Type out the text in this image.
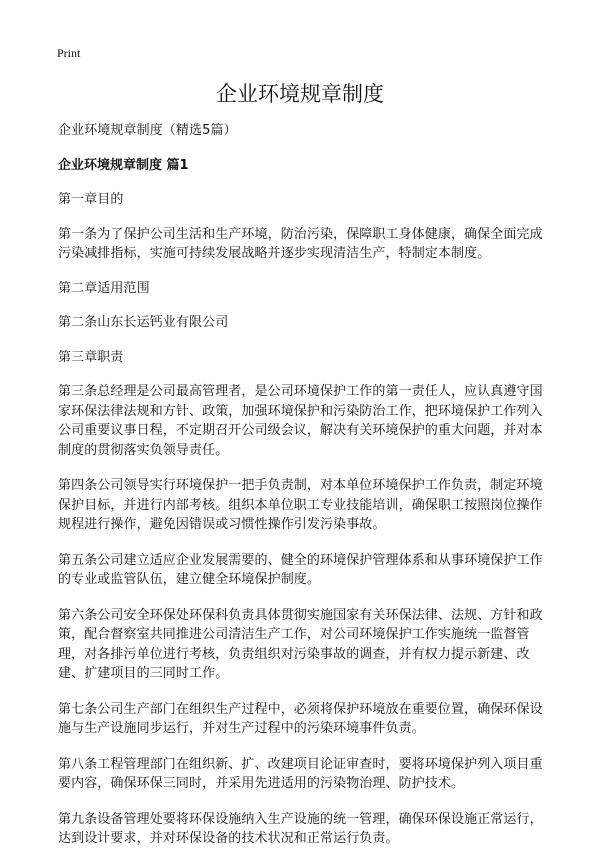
Print
企业环境规章制度

企业环境规章制度（精选5篇）

企业环境规章制度 篇1

第一章目的

第一条为了保护公司生活和生产环境，防治污染，保障职工身体健康，确保全面完成污染减排指标，实施可持续发展战略并逐步实现清洁生产，特制定本制度。

第二章适用范围

第二条山东长运钙业有限公司

第三章职责

第三条总经理是公司最高管理者，是公司环境保护工作的第一责任人，应认真遵守国家环保法律法规和方针、政策，加强环境保护和污染防治工作，把环境保护工作列入公司重要议事日程，不定期召开公司级会议，解决有关环境保护的重大问题，并对本制度的贯彻落实负领导责任。

第四条公司领导实行环境保护一把手负责制，对本单位环境保护工作负责，制定环境保护目标，并进行内部考核。组织本单位职工专业技能培训，确保职工按照岗位操作规程进行操作，避免因错误或习惯性操作引发污染事故。

第五条公司建立适应企业发展需要的、健全的环境保护管理体系和从事环境保护工作的专业或监管队伍，建立健全环境保护制度。

第六条公司安全环保处环保科负责具体贯彻实施国家有关环保法律、法规、方针和政策，配合督察室共同推进公司清洁生产工作，对公司环境保护工作实施统一监督管理，对各排污单位进行考核，负责组织对污染事故的调查，并有权力提示新建、改建、扩建项目的三同时工作。

第七条公司生产部门在组织生产过程中，必须将保护环境放在重要位置，确保环保设施与生产设施同步运行，并对生产过程中的污染环境事件负责。

第八条工程管理部门在组织新、扩、改建项目论证审查时，要将环境保护列入项目重要内容，确保环保三同时，并采用先进适用的污染物治理、防护技术。

第九条设备管理处要将环保设施纳入生产设施的统一管理，确保环保设施正常运行，达到设计要求，并对环保设备的技术状况和正常运行负责。
